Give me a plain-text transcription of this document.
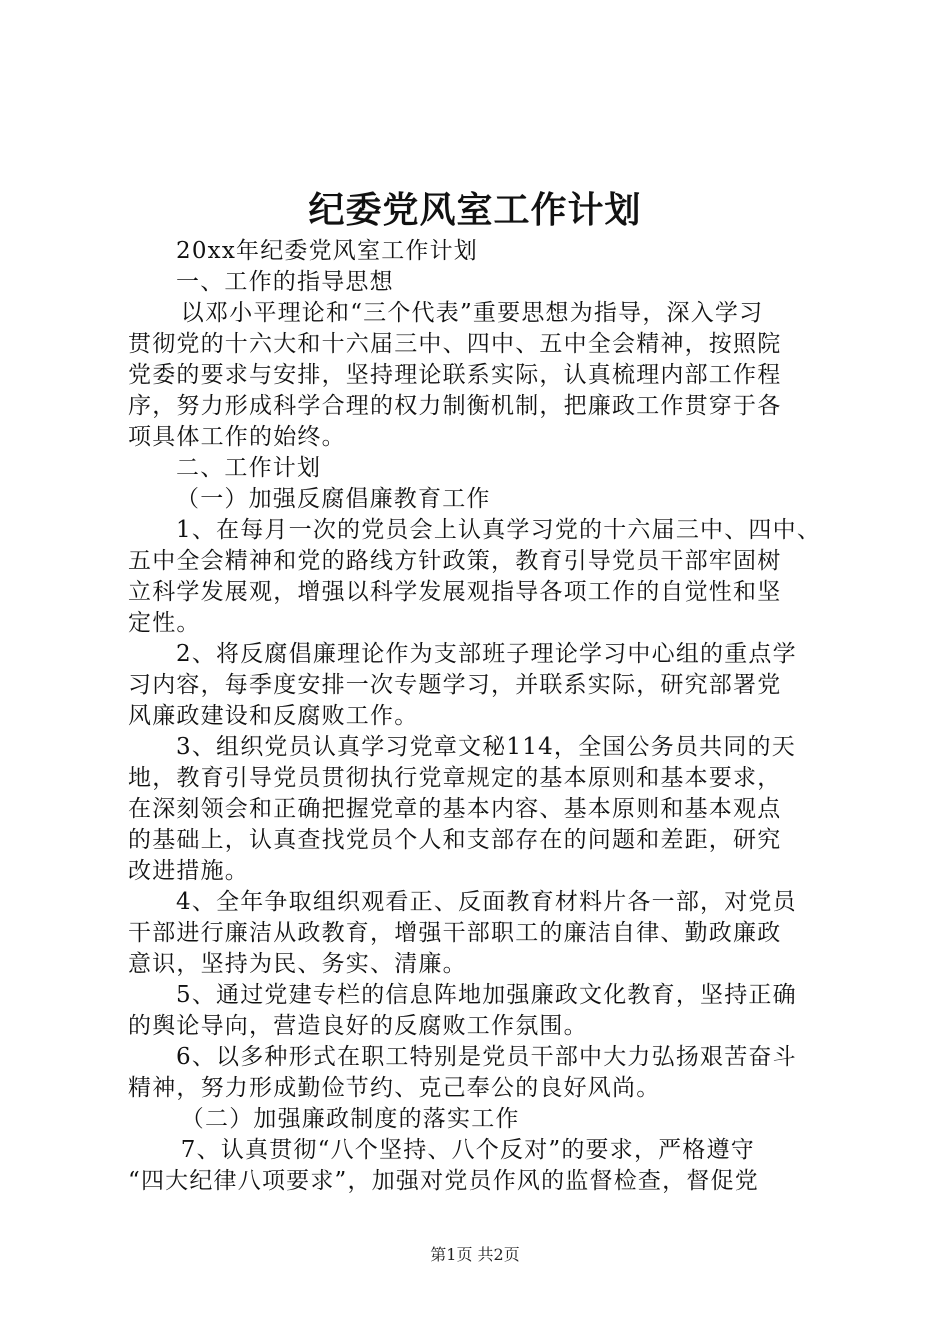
纪委党风室工作计划
20xx年纪委党风室工作计划
一、工作的指导思想
以邓小平理论和“三个代表”重要思想为指导，深入学习
贯彻党的十六大和十六届三中、四中、五中全会精神，按照院
党委的要求与安排，坚持理论联系实际，认真梳理内部工作程
序，努力形成科学合理的权力制衡机制，把廉政工作贯穿于各
项具体工作的始终。
二、工作计划
（一）加强反腐倡廉教育工作
1、在每月一次的党员会上认真学习党的十六届三中、四中、
五中全会精神和党的路线方针政策，教育引导党员干部牢固树
立科学发展观，增强以科学发展观指导各项工作的自觉性和坚
定性。
2、将反腐倡廉理论作为支部班子理论学习中心组的重点学
习内容，每季度安排一次专题学习，并联系实际，研究部署党
风廉政建设和反腐败工作。
3、组织党员认真学习党章文秘114，全国公务员共同的天
地，教育引导党员贯彻执行党章规定的基本原则和基本要求，
在深刻领会和正确把握党章的基本内容、基本原则和基本观点
的基础上，认真查找党员个人和支部存在的问题和差距，研究
改进措施。
4、全年争取组织观看正、反面教育材料片各一部，对党员
干部进行廉洁从政教育，增强干部职工的廉洁自律、勤政廉政
意识，坚持为民、务实、清廉。
5、通过党建专栏的信息阵地加强廉政文化教育，坚持正确
的舆论导向，营造良好的反腐败工作氛围。
6、以多种形式在职工特别是党员干部中大力弘扬艰苦奋斗
精神，努力形成勤俭节约、克己奉公的良好风尚。
（二）加强廉政制度的落实工作
7、认真贯彻“八个坚持、八个反对”的要求，严格遵守
“四大纪律八项要求”，加强对党员作风的监督检查，督促党
第1页 共2页
